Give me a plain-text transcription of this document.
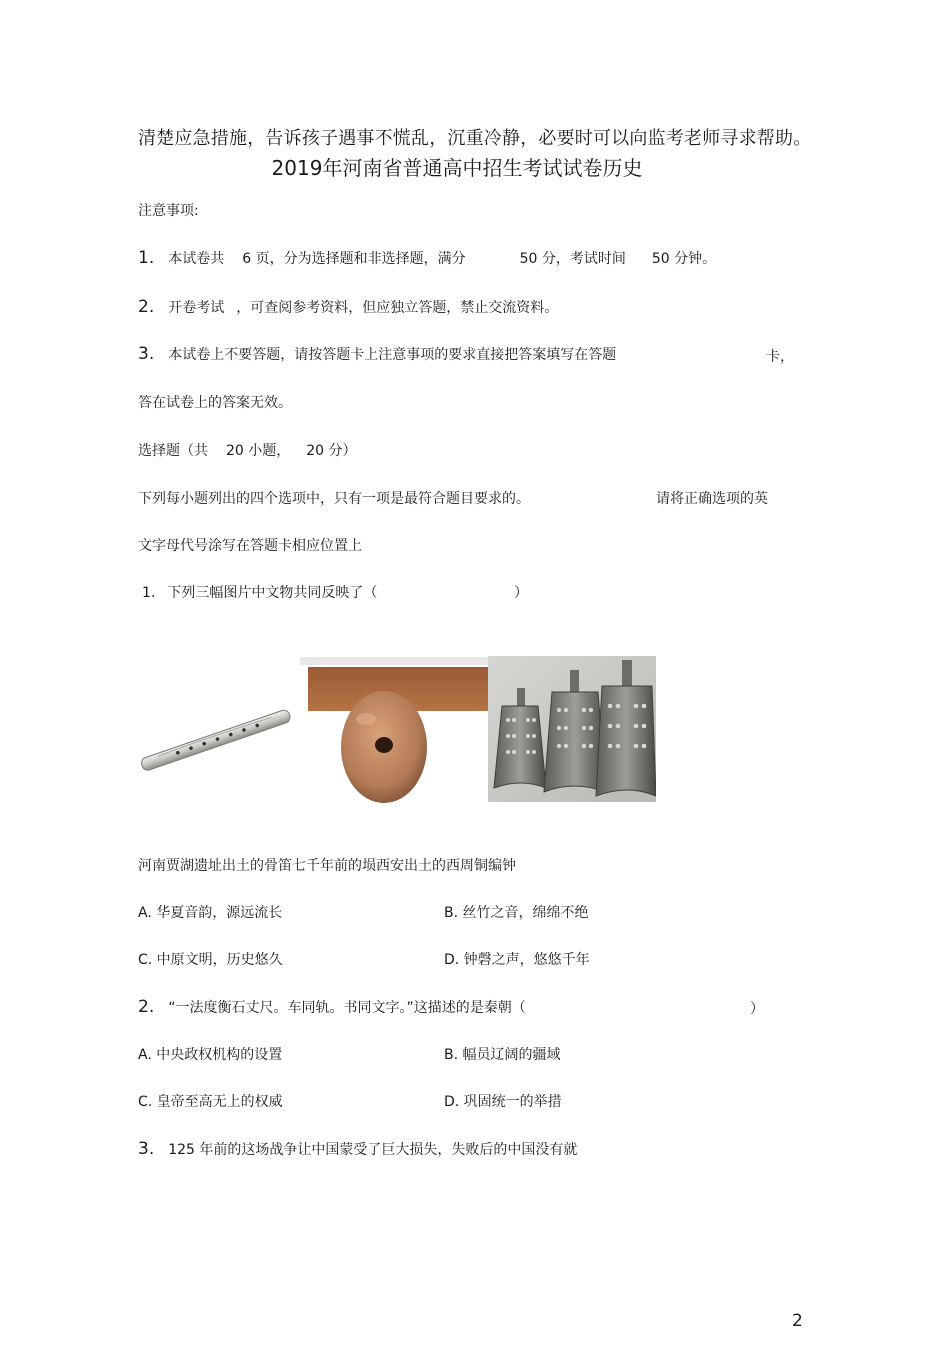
清楚应急措施，告诉孩子遇事不慌乱，沉重冷静，必要时可以向监考老师寻求帮助。
2019年河南省普通高中招生考试试卷历史
注意事项:
1. 本试卷共 6 页，分为选择题和非选择题，满分	50 分，考试时间 50 分钟。
2. 开卷考试 ，可查阅参考资料，但应独立答题，禁止交流资料。
3. 本试卷上不要答题，请按答题卡上注意事项的要求直接把答案填写在答题	卡，
答在试卷上的答案无效。
选择题（共 20 小题， 20 分）
下列每小题列出的四个选项中，只有一项是最符合题目要求的。	请将正确选项的英
文字母代号涂写在答题卡相应位置上
1. 下列三幅图片中文物共同反映了（	）
河南贾湖遗址出土的骨笛七千年前的埙西安出土的西周铜编钟
A. 华夏音韵，源远流长	B. 丝竹之音，绵绵不绝
C. 中原文明，历史悠久	D. 钟磬之声，悠悠千年
2. “一法度衡石丈尺。车同轨。书同文字。”这描述的是秦朝（	）
A. 中央政权机构的设置	B. 幅员辽阔的疆域
C. 皇帝至高无上的权威	D. 巩固统一的举措
3. 125 年前的这场战争让中国蒙受了巨大损失，失败后的中国没有就
2
